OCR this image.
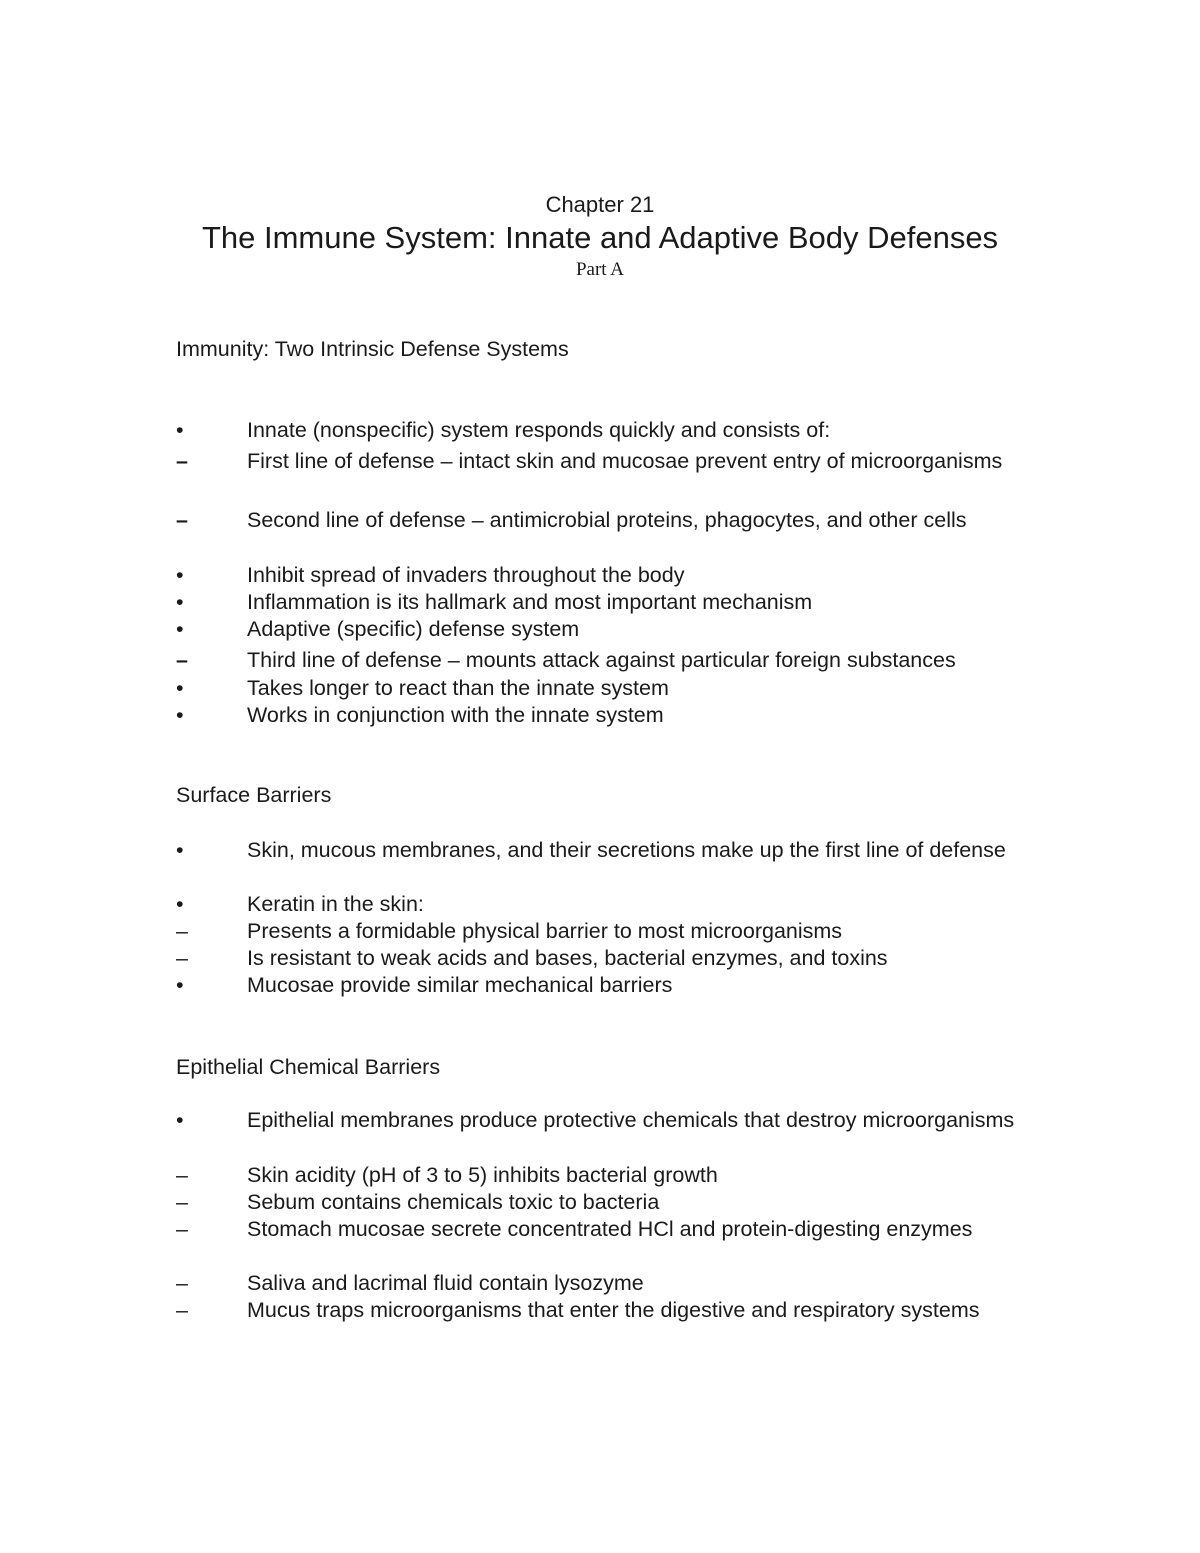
Chapter 21
The Immune System: Innate and Adaptive Body Defenses
Part A
Immunity: Two Intrinsic Defense Systems
•	Innate (nonspecific) system responds quickly and consists of:
–	First line of defense – intact skin and mucosae prevent entry of microorganisms
–	Second line of defense – antimicrobial proteins, phagocytes, and other cells
•	Inhibit spread of invaders throughout the body
•	Inflammation is its hallmark and most important mechanism
•	Adaptive (specific) defense system
–	Third line of defense – mounts attack against particular foreign substances
•	Takes longer to react than the innate system
•	Works in conjunction with the innate system
Surface Barriers
•	Skin, mucous membranes, and their secretions make up the first line of defense
•	Keratin in the skin:
–	Presents a formidable physical barrier to most microorganisms
–	Is resistant to weak acids and bases, bacterial enzymes, and toxins
•	Mucosae provide similar mechanical barriers
Epithelial Chemical Barriers
•	Epithelial membranes produce protective chemicals that destroy microorganisms
–	Skin acidity (pH of 3 to 5) inhibits bacterial growth
–	Sebum contains chemicals toxic to bacteria
–	Stomach mucosae secrete concentrated HCl and protein-digesting enzymes
–	Saliva and lacrimal fluid contain lysozyme
–	Mucus traps microorganisms that enter the digestive and respiratory systems
